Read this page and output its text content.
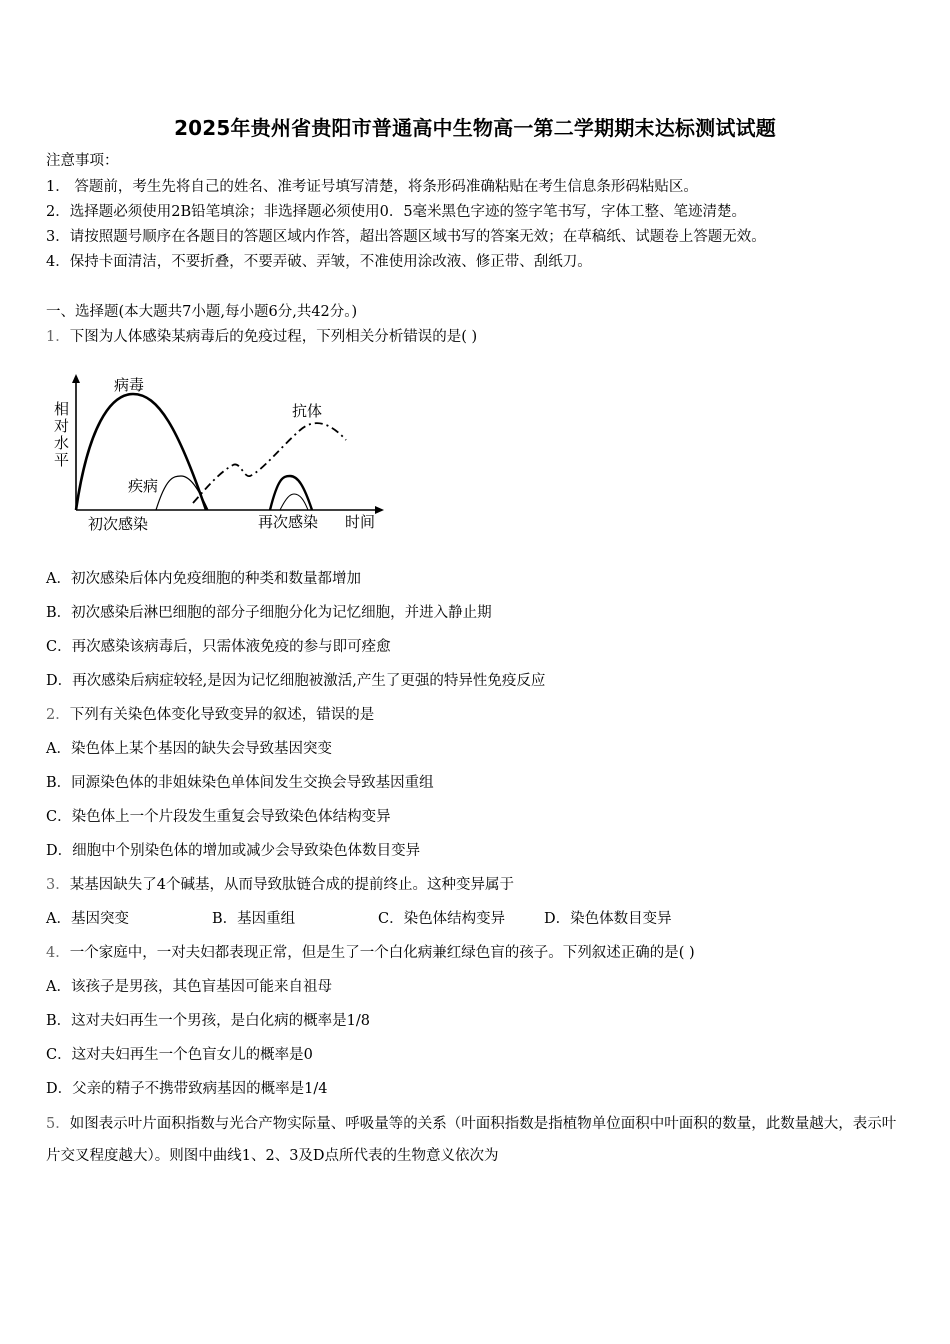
2025年贵州省贵阳市普通高中生物高一第二学期期末达标测试试题
注意事项：
1． 答题前，考生先将自己的姓名、准考证号填写清楚，将条形码准确粘贴在考生信息条形码粘贴区。
2．选择题必须使用2B铅笔填涂；非选择题必须使用0．5毫米黑色字迹的签字笔书写，字体工整、笔迹清楚。
3．请按照题号顺序在各题目的答题区域内作答，超出答题区域书写的答案无效；在草稿纸、试题卷上答题无效。
4．保持卡面清洁，不要折叠，不要弄破、弄皱，不准使用涂改液、修正带、刮纸刀。
一、选择题(本大题共7小题,每小题6分,共42分。)
1．下图为人体感染某病毒后的免疫过程，下列相关分析错误的是( )
相
对
水
平
病毒
疾病
抗体
初次感染	再次感染 时间
A．初次感染后体内免疫细胞的种类和数量都增加
B．初次感染后淋巴细胞的部分子细胞分化为记忆细胞，并进入静止期
C．再次感染该病毒后，只需体液免疫的参与即可痊愈
D．再次感染后病症较轻,是因为记忆细胞被激活,产生了更强的特异性免疫反应
2．下列有关染色体变化导致变异的叙述，错误的是
A．染色体上某个基因的缺失会导致基因突变
B．同源染色体的非姐妹染色单体间发生交换会导致基因重组
C．染色体上一个片段发生重复会导致染色体结构变异
D．细胞中个别染色体的增加或减少会导致染色体数目变异
3．某基因缺失了4个碱基，从而导致肽链合成的提前终止。这种变异属于
A．基因突变	B．基因重组	C．染色体结构变异	D．染色体数目变异
4．一个家庭中，一对夫妇都表现正常，但是生了一个白化病兼红绿色盲的孩子。下列叙述正确的是( )
A．该孩子是男孩，其色盲基因可能来自祖母
B．这对夫妇再生一个男孩，是白化病的概率是1/8
C．这对夫妇再生一个色盲女儿的概率是0
D．父亲的精子不携带致病基因的概率是1/4
5．如图表示叶片面积指数与光合产物实际量、呼吸量等的关系（叶面积指数是指植物单位面积中叶面积的数量，此数量越大，表示叶片交叉程度越大）。则图中曲线1、2、3及D点所代表的生物意义依次为
